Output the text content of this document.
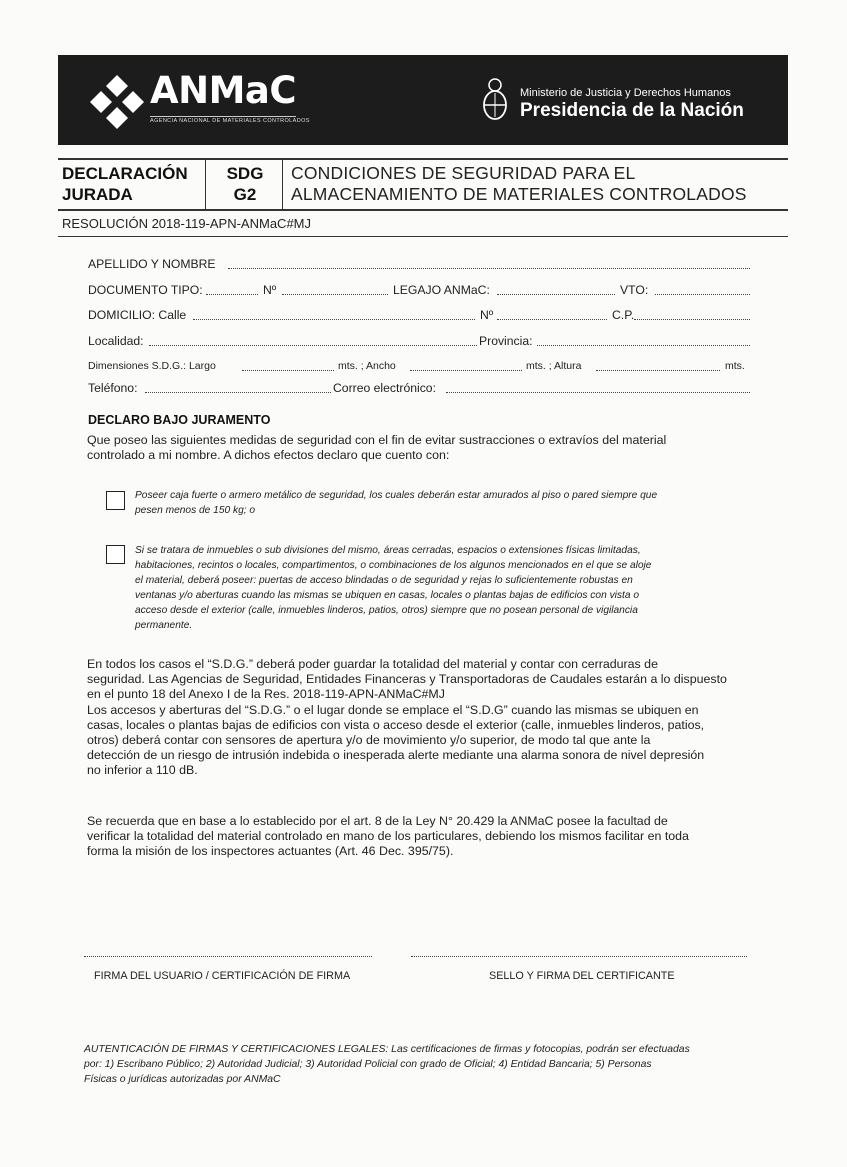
ANMaC
AGENCIA NACIONAL DE MATERIALES CONTROLADOS
Ministerio de Justicia y Derechos Humanos
Presidencia de la Nación
DECLARACIÓN
JURADA
SDG
G2
CONDICIONES DE SEGURIDAD PARA EL
ALMACENAMIENTO DE MATERIALES CONTROLADOS
RESOLUCIÓN 2018-119-APN-ANMaC#MJ
APELLIDO Y NOMBRE
DOCUMENTO TIPO:	Nº	LEGAJO ANMaC:	VTO:
DOMICILIO: Calle	Nº	C.P.
Localidad:	Provincia:
Dimensiones S.D.G.: Largo	mts. ; Ancho	mts. ; Altura	mts.
Teléfono:	Correo electrónico:
DECLARO BAJO JURAMENTO
Que poseo las siguientes medidas de seguridad con el fin de evitar sustracciones o extravíos del material
controlado a mi nombre. A dichos efectos declaro que cuento con:
Poseer caja fuerte o armero metálico de seguridad, los cuales deberán estar amurados al piso o pared siempre que
pesen menos de 150 kg; o
Si se tratara de inmuebles o sub divisiones del mismo, áreas cerradas, espacios o extensiones físicas limitadas,
habitaciones, recintos o locales, compartimentos, o combinaciones de los algunos mencionados en el que se aloje
el material, deberá poseer: puertas de acceso blindadas o de seguridad y rejas lo suficientemente robustas en
ventanas y/o aberturas cuando las mismas se ubiquen en casas, locales o plantas bajas de edificios con vista o
acceso desde el exterior (calle, inmuebles linderos, patios, otros) siempre que no posean personal de vigilancia
permanente.
En todos los casos el “S.D.G.” deberá poder guardar la totalidad del material y contar con cerraduras de
seguridad. Las Agencias de Seguridad, Entidades Financeras y Transportadoras de Caudales estarán a lo dispuesto
en el punto 18 del Anexo I de la Res. 2018-119-APN-ANMaC#MJ
Los accesos y aberturas del “S.D.G.” o el lugar donde se emplace el “S.D.G” cuando las mismas se ubiquen en
casas, locales o plantas bajas de edificios con vista o acceso desde el exterior (calle, inmuebles linderos, patios,
otros) deberá contar con sensores de apertura y/o de movimiento y/o superior, de modo tal que ante la
detección de un riesgo de intrusión indebida o inesperada alerte mediante una alarma sonora de nivel depresión
no inferior a 110 dB.
Se recuerda que en base a lo establecido por el art. 8 de la Ley N° 20.429 la ANMaC posee la facultad de
verificar la totalidad del material controlado en mano de los particulares, debiendo los mismos facilitar en toda
forma la misión de los inspectores actuantes (Art. 46 Dec. 395/75).
FIRMA DEL USUARIO / CERTIFICACIÓN DE FIRMA	SELLO Y FIRMA DEL CERTIFICANTE
AUTENTICACIÓN DE FIRMAS Y CERTIFICACIONES LEGALES: Las certificaciones de firmas y fotocopias, podrán ser efectuadas
por: 1) Escribano Público; 2) Autoridad Judicial; 3) Autoridad Policial con grado de Oficial; 4) Entidad Bancaria; 5) Personas
Físicas o jurídicas autorizadas por ANMaC
